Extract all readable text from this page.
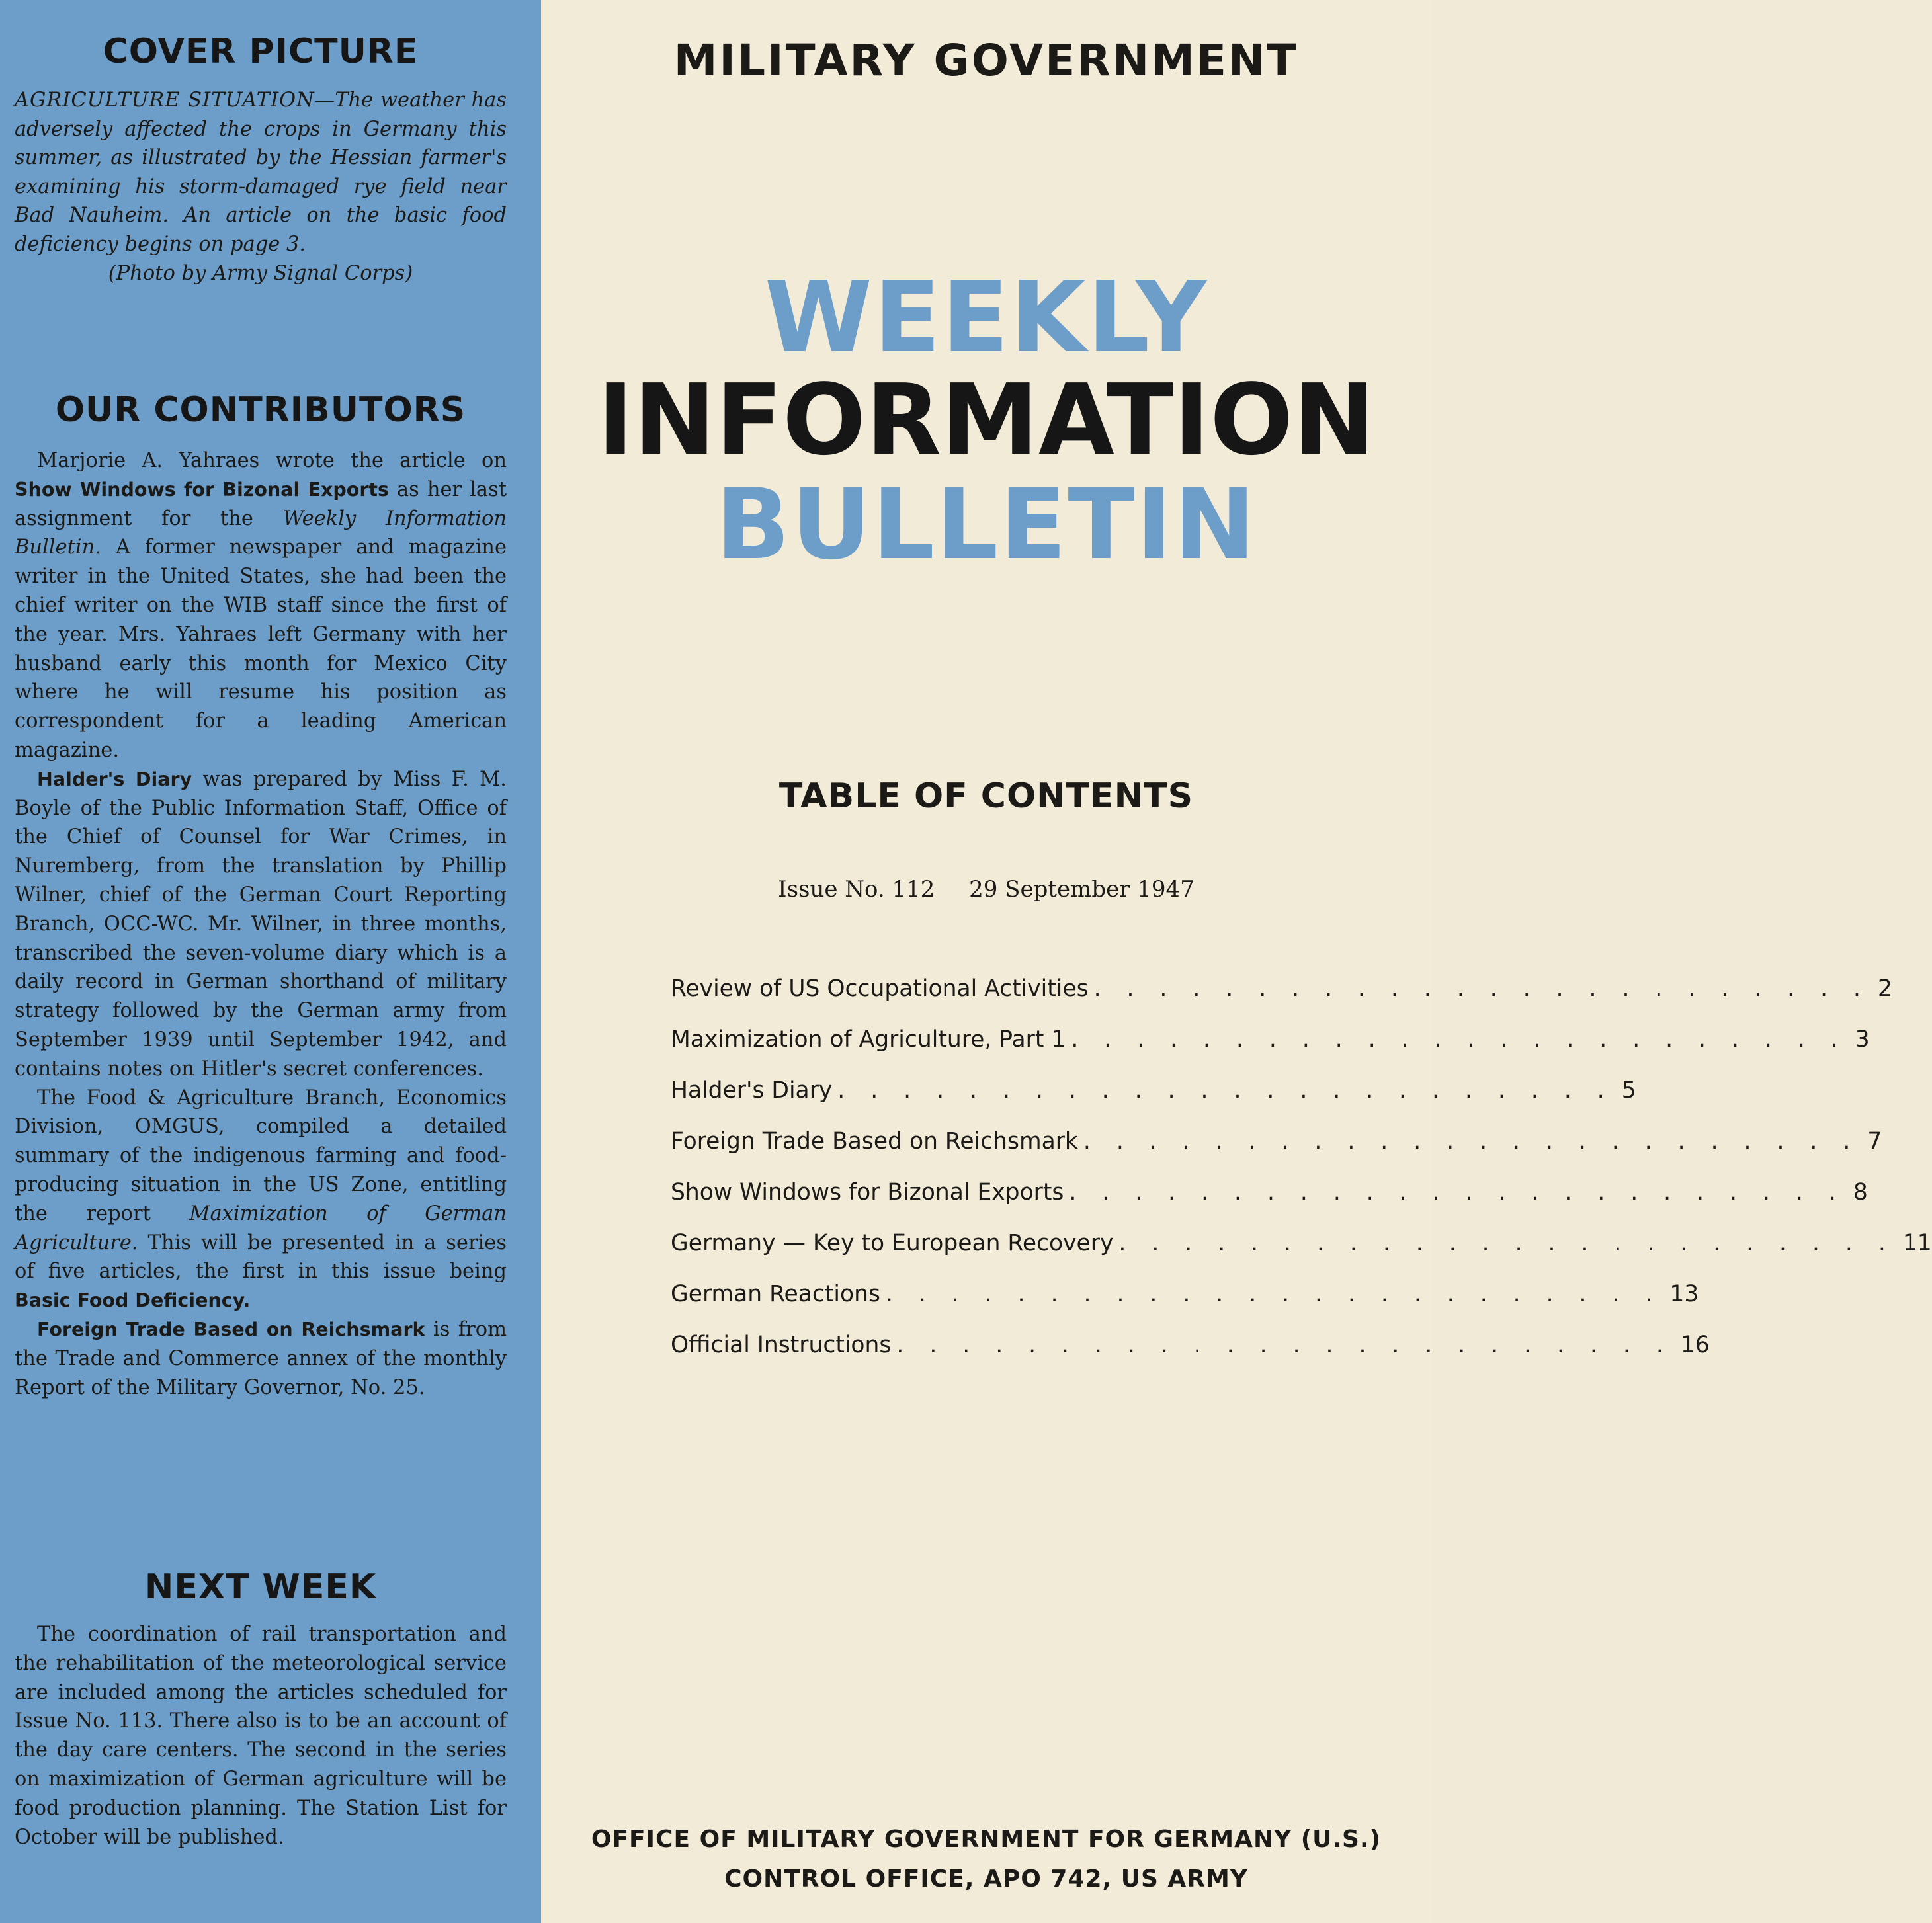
COVER PICTURE

AGRICULTURE SITUATION—The weather has adversely affected the crops in Germany this summer, as illustrated by the Hessian farmer's examining his storm-damaged rye field near Bad Nauheim. An article on the basic food deficiency begins on page 3.

(Photo by Army Signal Corps)
OUR CONTRIBUTORS

Marjorie A. Yahraes wrote the article on Show Windows for Bizonal Exports as her last assignment for the Weekly Information Bulletin. A former newspaper and magazine writer in the United States, she had been the chief writer on the WIB staff since the first of the year. Mrs. Yahraes left Germany with her husband early this month for Mexico City where he will resume his position as correspondent for a leading American magazine.

Halder's Diary was prepared by Miss F. M. Boyle of the Public Information Staff, Office of the Chief of Counsel for War Crimes, in Nuremberg, from the translation by Phillip Wilner, chief of the German Court Reporting Branch, OCC-WC. Mr. Wilner, in three months, transcribed the seven-volume diary which is a daily record in German shorthand of military strategy followed by the German army from September 1939 until September 1942, and contains notes on Hitler's secret conferences.

The Food & Agriculture Branch, Economics Division, OMGUS, compiled a detailed summary of the indigenous farming and food-producing situation in the US Zone, entitling the report Maximization of German Agriculture. This will be presented in a series of five articles, the first in this issue being Basic Food Deficiency.

Foreign Trade Based on Reichsmark is from the Trade and Commerce annex of the monthly Report of the Military Governor, No. 25.

NEXT WEEK

The coordination of rail transportation and the rehabilitation of the meteorological service are included among the articles scheduled for Issue No. 113. There also is to be an account of the day care centers. The second in the series on maximization of German agriculture will be food production planning. The Station List for October will be published.

MILITARY GOVERNMENT
WEEKLY
INFORMATION
BULLETIN
TABLE OF CONTENTS
Issue No. 112 29 September 1947
Review of US Occupational Activities . . . . . . . . . . . . . . . . . . . . . . . . 2
Maximization of Agriculture, Part 1 . . . . . . . . . . . . . . . . . . . . . . . . 3
Halder's Diary . . . . . . . . . . . . . . . . . . . . . . . . 5
Foreign Trade Based on Reichsmark . . . . . . . . . . . . . . . . . . . . . . . . 7
Show Windows for Bizonal Exports . . . . . . . . . . . . . . . . . . . . . . . . 8
Germany — Key to European Recovery . . . . . . . . . . . . . . . . . . . . . . . . 11
German Reactions . . . . . . . . . . . . . . . . . . . . . . . . 13
Official Instructions . . . . . . . . . . . . . . . . . . . . . . . . 16
OFFICE OF MILITARY GOVERNMENT FOR GERMANY (U.S.)
CONTROL OFFICE, APO 742, US ARMY
